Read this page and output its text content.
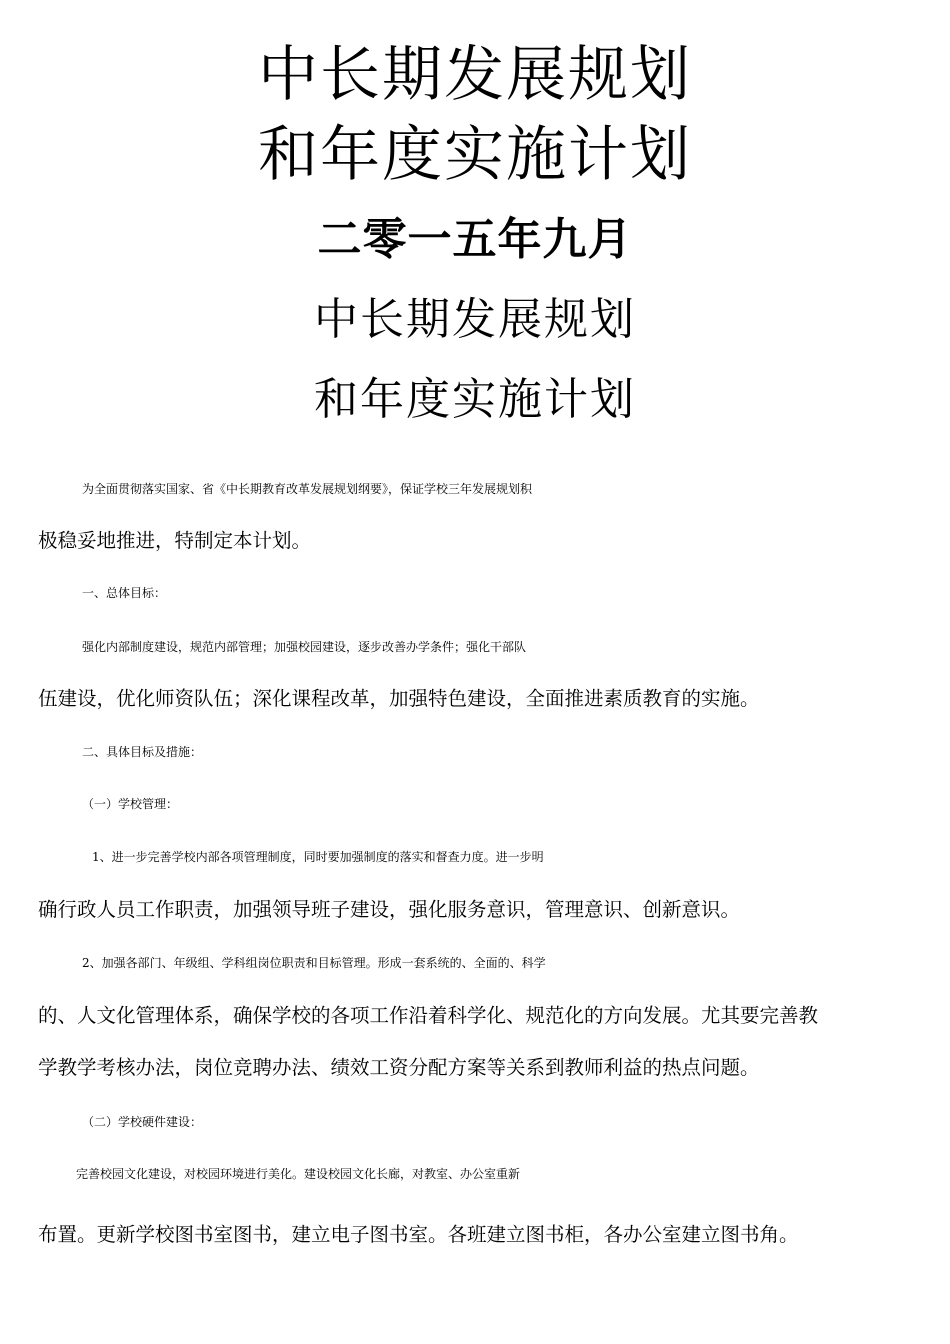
中长期发展规划
和年度实施计划
二零一五年九月
中长期发展规划
和年度实施计划
为全面贯彻落实国家、省《中长期教育改革发展规划纲要》，保证学校三年发展规划积
极稳妥地推进，特制定本计划。
一、总体目标：
强化内部制度建设，规范内部管理；加强校园建设，逐步改善办学条件；强化干部队
伍建设，优化师资队伍；深化课程改革，加强特色建设，全面推进素质教育的实施。
二、具体目标及措施：
（一）学校管理：
1、进一步完善学校内部各项管理制度，同时要加强制度的落实和督查力度。进一步明
确行政人员工作职责，加强领导班子建设，强化服务意识，管理意识、创新意识。
2、加强各部门、年级组、学科组岗位职责和目标管理。形成一套系统的、全面的、科学
的、人文化管理体系，确保学校的各项工作沿着科学化、规范化的方向发展。尤其要完善教
学教学考核办法，岗位竞聘办法、绩效工资分配方案等关系到教师利益的热点问题。
（二）学校硬件建设：
完善校园文化建设，对校园环境进行美化。建设校园文化长廊，对教室、办公室重新
布置。更新学校图书室图书，建立电子图书室。各班建立图书柜，各办公室建立图书角。
